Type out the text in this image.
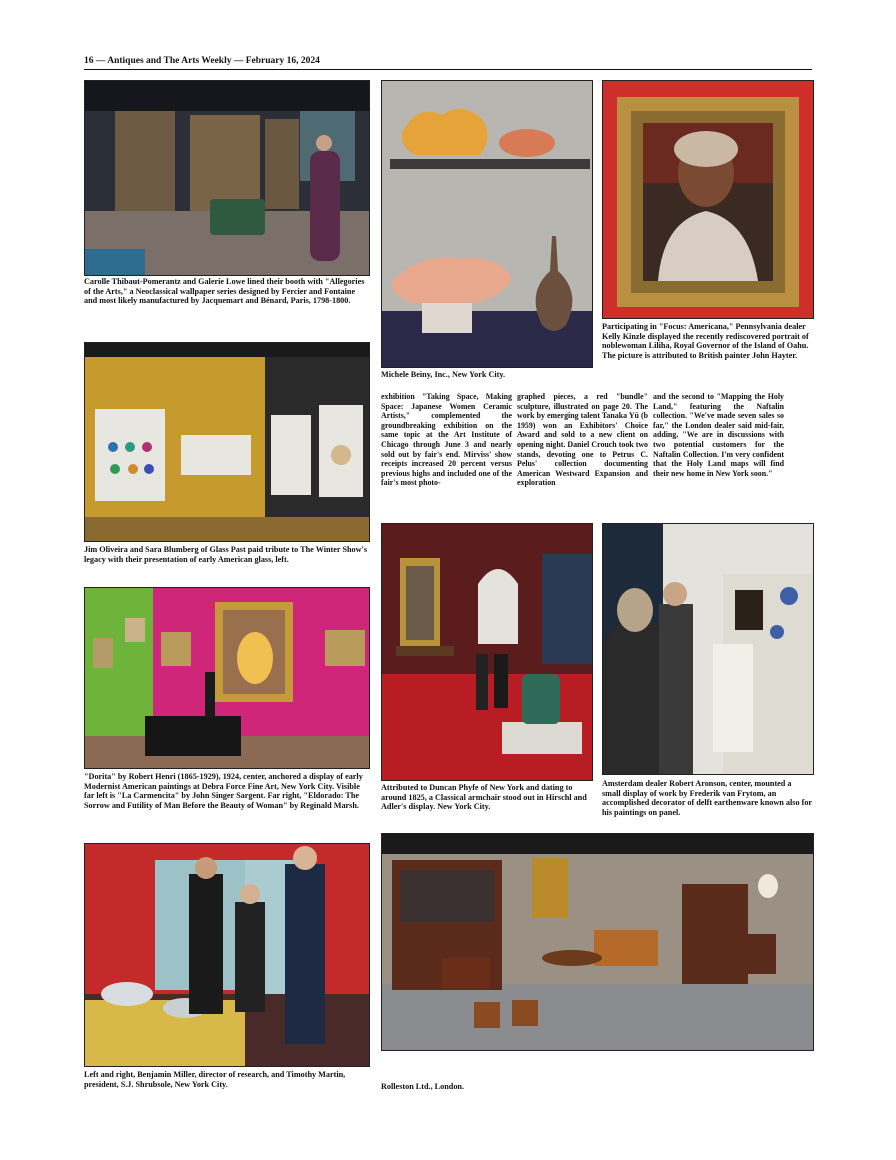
16 — Antiques and The Arts Weekly — February 16, 2024
Carolle Thibaut-Pomerantz and Galerie Lowe lined their booth with "Allegories of the Arts," a Neoclassical wallpaper series designed by Fercier and Fontaine and most likely manufactured by Jacquemart and Bénard, Paris, 1798-1800.
Michele Beiny, Inc., New York City.
Participating in "Focus: Americana," Pennsylvania dealer Kelly Kinzle displayed the recently rediscovered portrait of noblewoman Liliha, Royal Governor of the Island of Oahu. The picture is attributed to British painter John Hayter.
Jim Oliveira and Sara Blumberg of Glass Past paid tribute to The Winter Show's legacy with their presentation of early American glass, left.
exhibition "Taking Space, Making Space: Japanese Women Ceramic Artists," complemented the groundbreaking exhibition on the same topic at the Art Institute of Chicago through June 3 and nearly sold out by fair's end. Mirviss' show receipts increased 20 percent versus previous highs and included one of the fair's most photo-
graphed pieces, a red "bundle" sculpture, illustrated on page 20. The work by emerging talent Tanaka Yū (b 1959) won an Exhibitors' Choice Award and sold to a new client on opening night. Daniel Crouch took two stands, devoting one to Petrus C. Pelus' collection documenting American Westward Expansion and exploration
and the second to "Mapping the Holy Land," featuring the Naftalin collection. "We've made seven sales so far," the London dealer said mid-fair, adding, "We are in discussions with two potential customers for the Naftalin Collection. I'm very confident that the Holy Land maps will find their new home in New York soon."
"Dorita" by Robert Henri (1865-1929), 1924, center, anchored a display of early Modernist American paintings at Debra Force Fine Art, New York City. Visible far left is "La Carmencita" by John Singer Sargent. Far right, "Eldorado: The Sorrow and Futility of Man Before the Beauty of Woman" by Reginald Marsh.
Attributed to Duncan Phyfe of New York and dating to around 1825, a Classical armchair stood out in Hirschl and Adler's display. New York City.
Amsterdam dealer Robert Aronson, center, mounted a small display of work by Frederik van Frytom, an accomplished decorator of delft earthenware known also for his paintings on panel.
Left and right, Benjamin Miller, director of research, and Timothy Martin, president, S.J. Shrubsole, New York City.	Rolleston Ltd., London.
